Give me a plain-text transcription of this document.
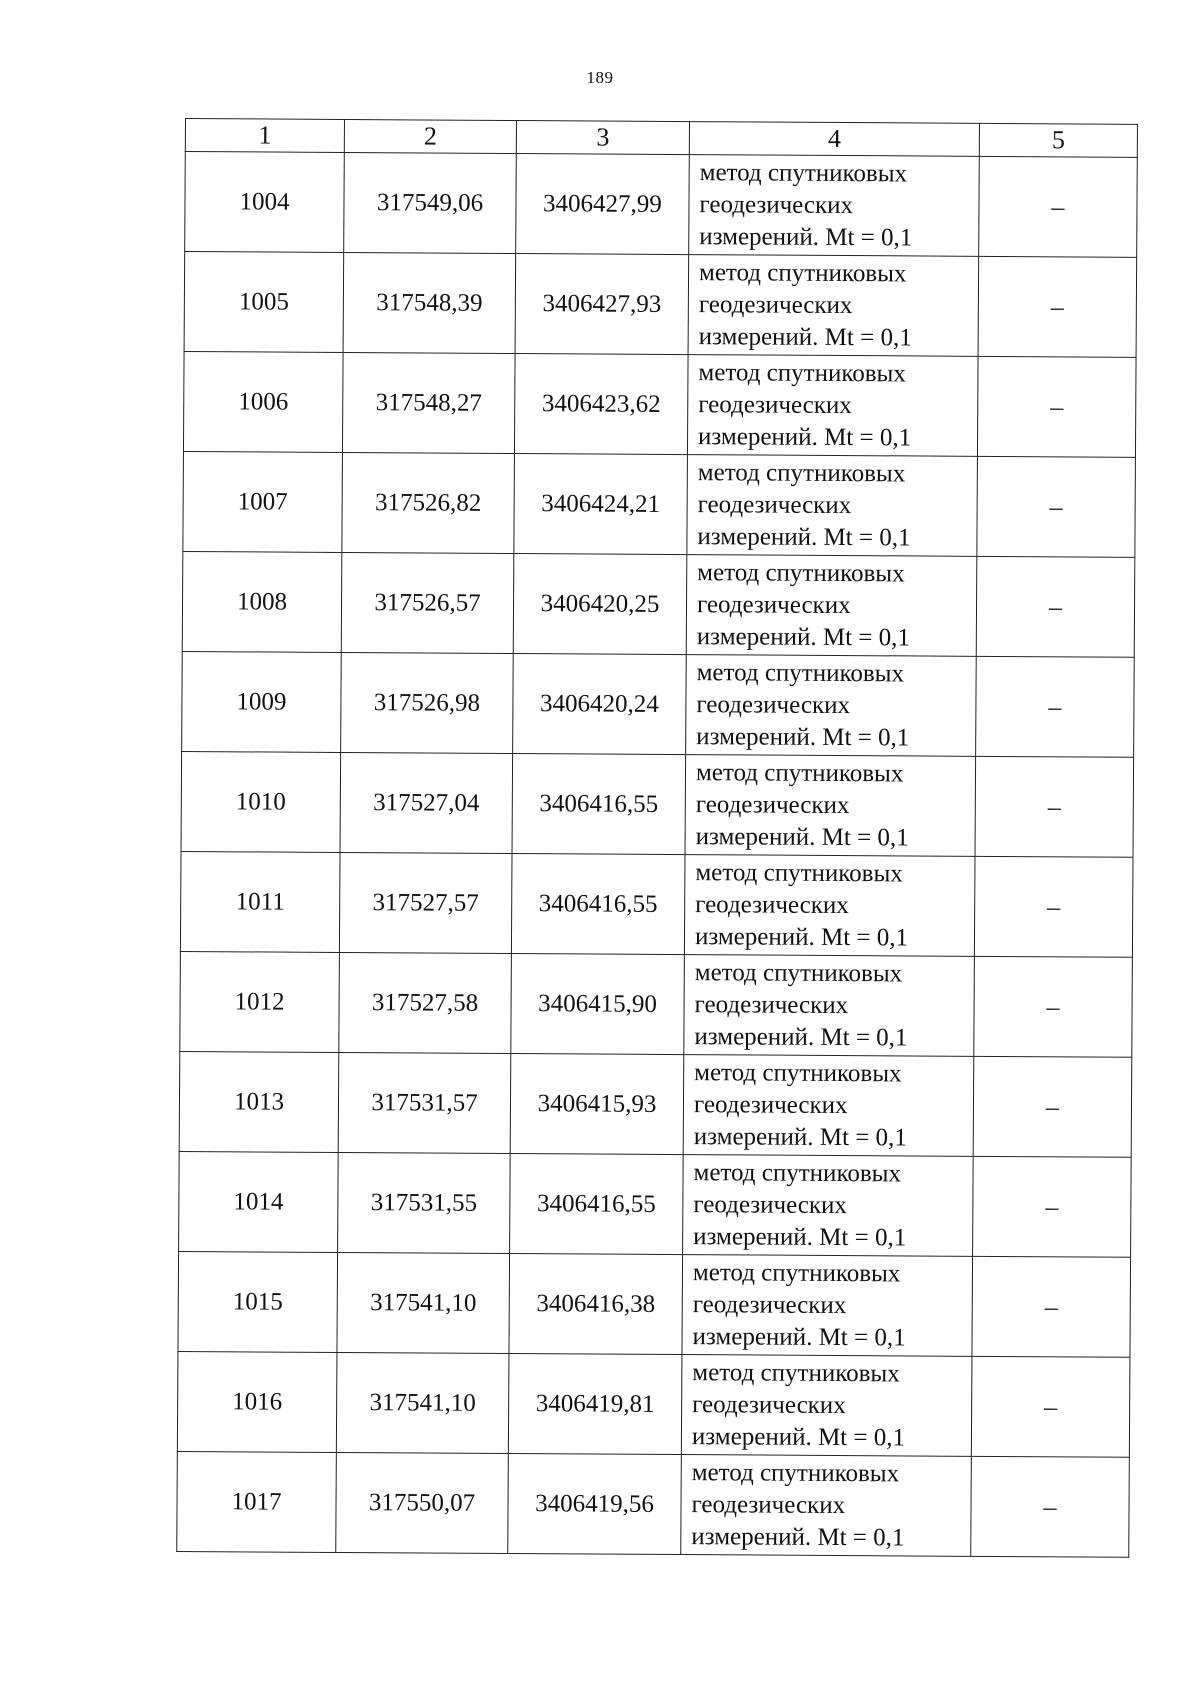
189
1	2	3	4	5
1004	317549,06	3406427,99	метод спутниковых
геодезических
измерений. Mt = 0,1	–
1005	317548,39	3406427,93	метод спутниковых
геодезических
измерений. Mt = 0,1	–
1006	317548,27	3406423,62	метод спутниковых
геодезических
измерений. Mt = 0,1	–
1007	317526,82	3406424,21	метод спутниковых
геодезических
измерений. Mt = 0,1	–
1008	317526,57	3406420,25	метод спутниковых
геодезических
измерений. Mt = 0,1	–
1009	317526,98	3406420,24	метод спутниковых
геодезических
измерений. Mt = 0,1	–
1010	317527,04	3406416,55	метод спутниковых
геодезических
измерений. Mt = 0,1	–
1011	317527,57	3406416,55	метод спутниковых
геодезических
измерений. Mt = 0,1	–
1012	317527,58	3406415,90	метод спутниковых
геодезических
измерений. Mt = 0,1	–
1013	317531,57	3406415,93	метод спутниковых
геодезических
измерений. Mt = 0,1	–
1014	317531,55	3406416,55	метод спутниковых
геодезических
измерений. Mt = 0,1	–
1015	317541,10	3406416,38	метод спутниковых
геодезических
измерений. Mt = 0,1	–
1016	317541,10	3406419,81	метод спутниковых
геодезических
измерений. Mt = 0,1	–
1017	317550,07	3406419,56	метод спутниковых
геодезических
измерений. Mt = 0,1	–
